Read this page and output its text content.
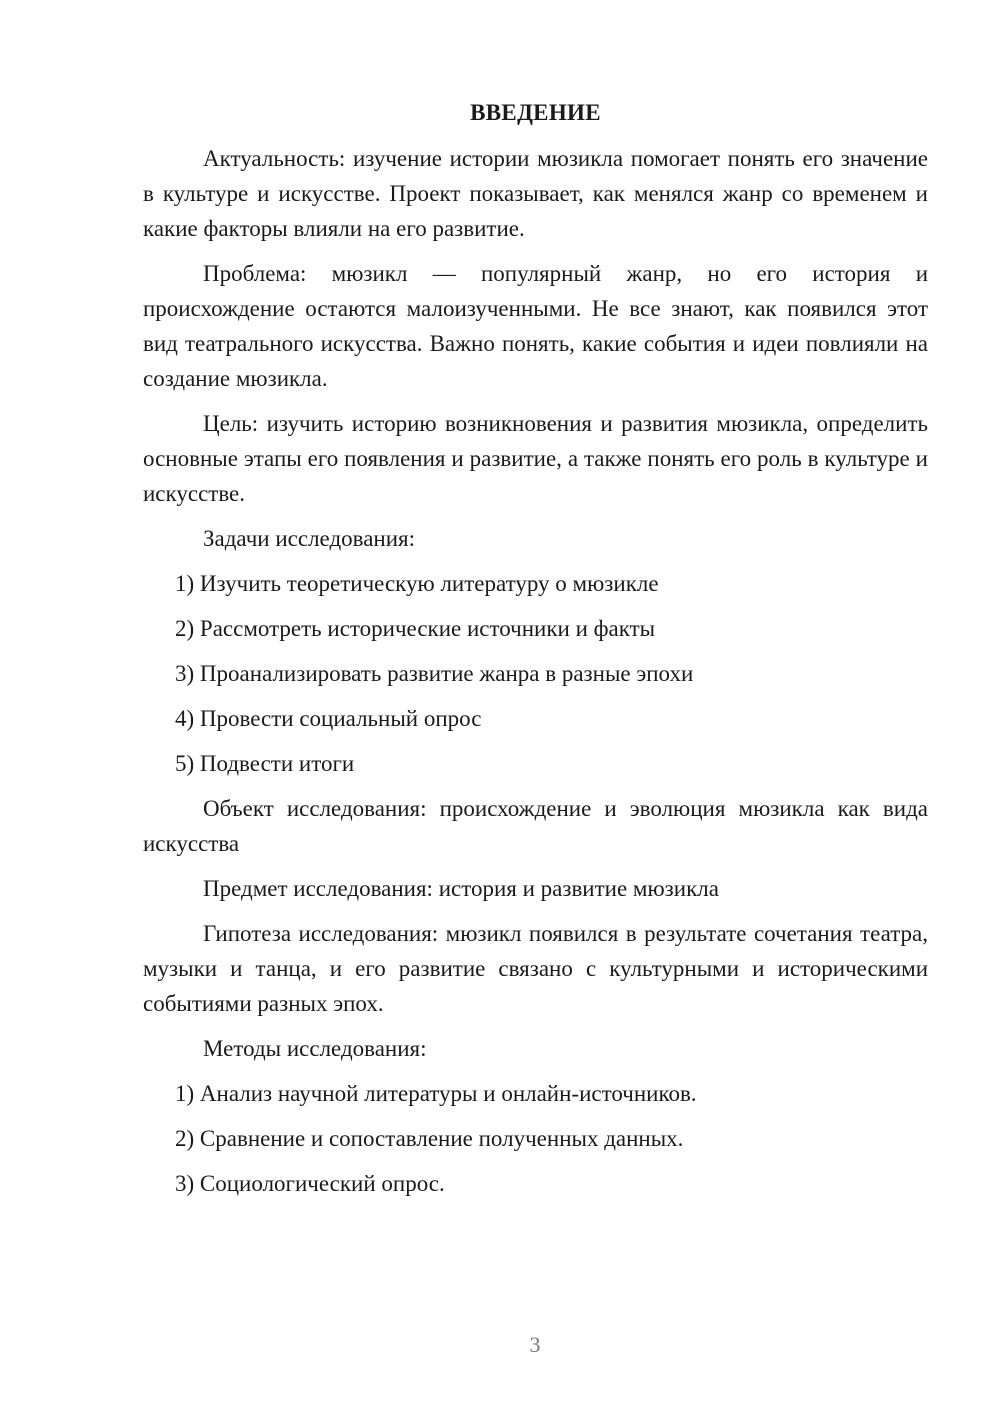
ВВЕДЕНИЕ

Актуальность: изучение истории мюзикла помогает понять его значение в культуре и искусстве. Проект показывает, как менялся жанр со временем и какие факторы влияли на его развитие.

Проблема: мюзикл — популярный жанр, но его история и происхождение остаются малоизученными. Не все знают, как появился этот вид театрального искусства. Важно понять, какие события и идеи повлияли на создание мюзикла.

Цель: изучить историю возникновения и развития мюзикла, определить основные этапы его появления и развитие, а также понять его роль в культуре и искусстве.

Задачи исследования:

1) Изучить теоретическую литературу о мюзикле
2) Рассмотреть исторические источники и факты
3) Проанализировать развитие жанра в разные эпохи
4) Провести социальный опрос
5) Подвести итоги

Объект исследования: происхождение и эволюция мюзикла как вида искусства

Предмет исследования: история и развитие мюзикла

Гипотеза исследования: мюзикл появился в результате сочетания театра, музыки и танца, и его развитие связано с культурными и историческими событиями разных эпох.

Методы исследования:

1) Анализ научной литературы и онлайн-источников.
2) Сравнение и сопоставление полученных данных.
3) Социологический опрос.
3
